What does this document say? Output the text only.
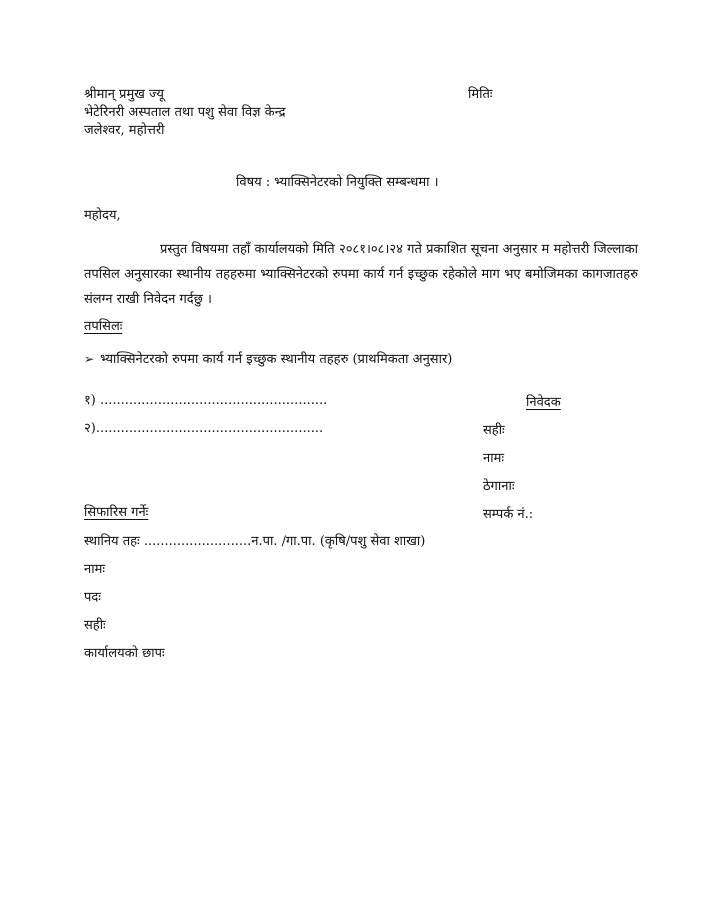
श्रीमान् प्रमुख ज्यू
भेटेरिनरी अस्पताल तथा पशु सेवा विज्ञ केन्द्र
जलेश्वर, महोत्तरी
मितिः
विषय : भ्याक्सिनेटरको नियुक्ति सम्बन्धमा ।
महोदय,
प्रस्तुत विषयमा तहाँ कार्यालयको मिति २०८१।०८।२४ गते प्रकाशित सूचना अनुसार म महोत्तरी जिल्लाका तपसिल अनुसारका स्थानीय तहहरुमा भ्याक्सिनेटरको रुपमा कार्य गर्न इच्छुक रहेकोले माग भए बमोजिमका कागजातहरु संलग्न राखी निवेदन गर्दछु ।
तपसिलः
➢ भ्याक्सिनेटरको रुपमा कार्य गर्न इच्छुक स्थानीय तहहरु (प्राथमिकता अनुसार)
१) .......................................................
२).......................................................
निवेदक
सहीः
नामः
ठेगानाः
सम्पर्क नं.:
सिफारिस गर्नेः
स्थानिय तहः ..........................न.पा. /गा.पा. (कृषि/पशु सेवा शाखा)
नामः
पदः
सहीः
कार्यालयको छापः
